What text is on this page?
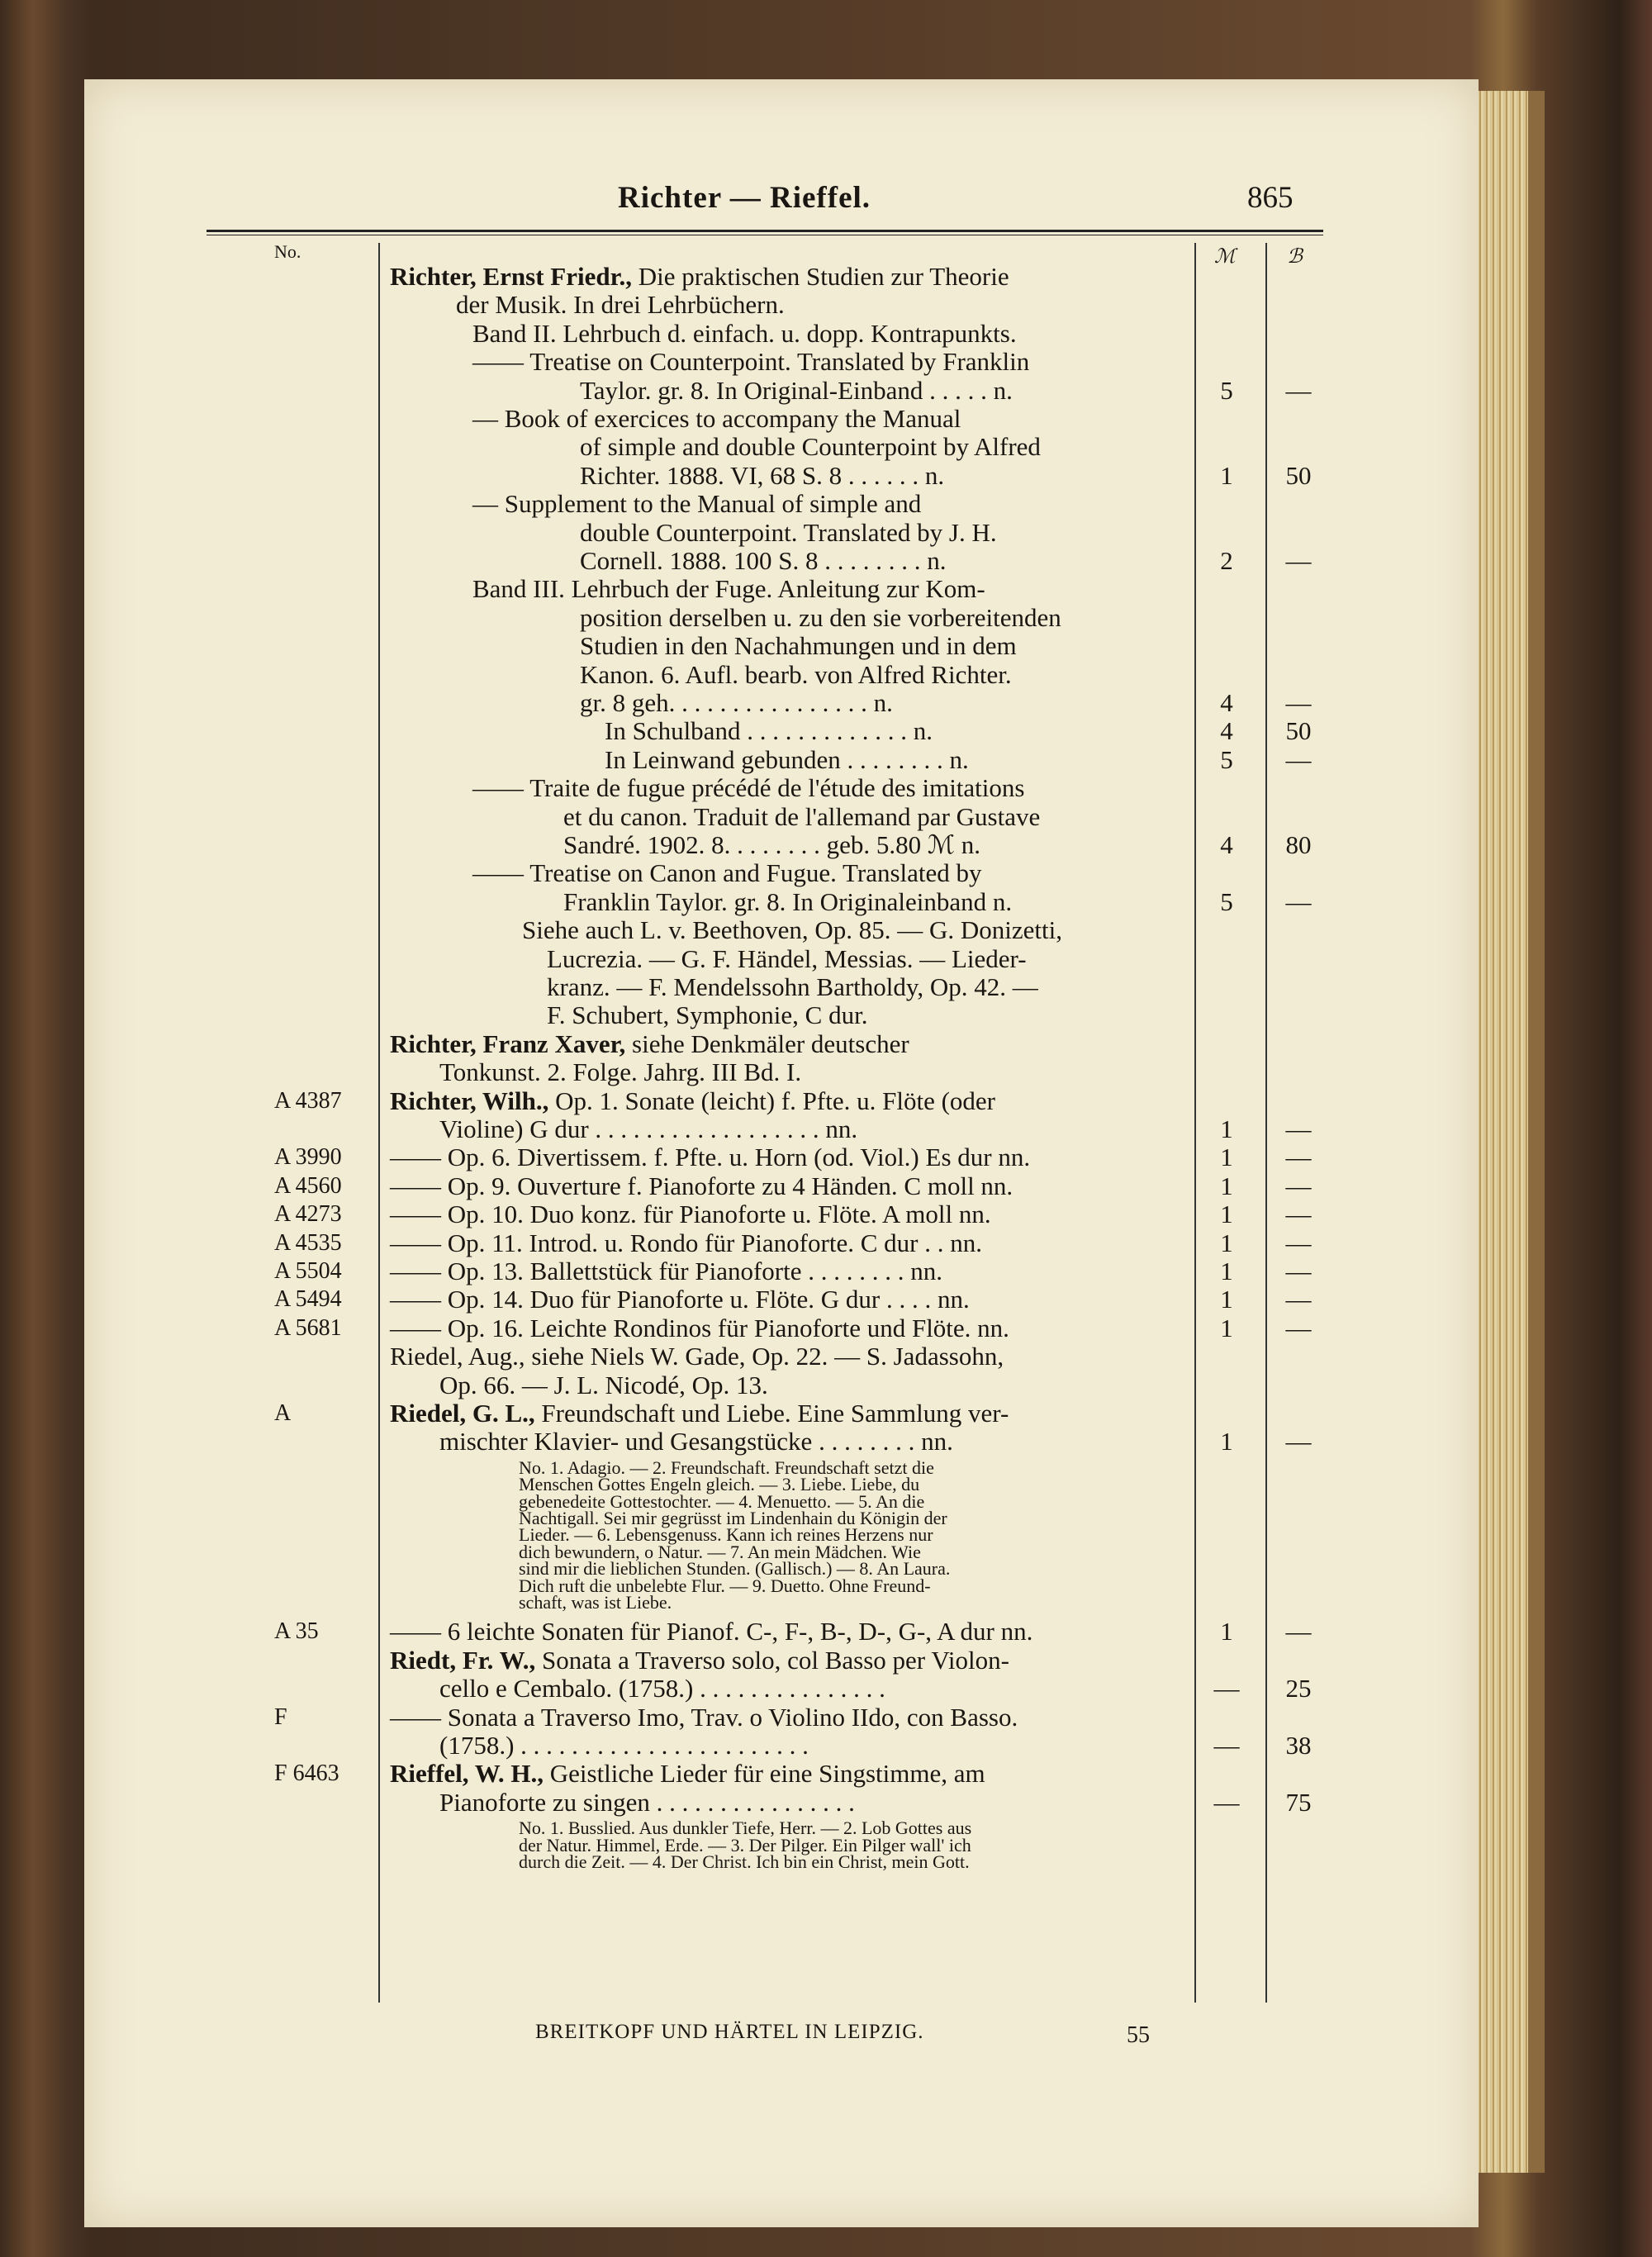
Richter — Rieffel.	865
No.	ℳ	ℬ
Richter, Ernst Friedr., Die praktischen Studien zur Theorie
der Musik. In drei Lehrbüchern.
Band II. Lehrbuch d. einfach. u. dopp. Kontrapunkts.
—— Treatise on Counterpoint. Translated by Franklin
Taylor. gr. 8. In Original-Einband . . . . . n.	5 —
— Book of exercices to accompany the Manual
of simple and double Counterpoint by Alfred
Richter. 1888. VI, 68 S. 8 . . . . . . n.	1 50
— Supplement to the Manual of simple and
double Counterpoint. Translated by J. H.
Cornell. 1888. 100 S. 8 . . . . . . . . n.	2 —
Band III. Lehrbuch der Fuge. Anleitung zur Kom-
position derselben u. zu den sie vorbereitenden
Studien in den Nachahmungen und in dem
Kanon. 6. Aufl. bearb. von Alfred Richter.
gr. 8 geh. . . . . . . . . . . . . . . . n.	4 —
In Schulband . . . . . . . . . . . . . n.	4 50
In Leinwand gebunden . . . . . . . . n.	5 —
—— Traite de fugue précédé de l'étude des imitations
et du canon. Traduit de l'allemand par Gustave
Sandré. 1902. 8. . . . . . . . geb. 5.80 ℳ n.	4 80
—— Treatise on Canon and Fugue. Translated by
Franklin Taylor. gr. 8. In Originaleinband n.	5 —
Siehe auch L. v. Beethoven, Op. 85. — G. Donizetti,
Lucrezia. — G. F. Händel, Messias. — Lieder-
kranz. — F. Mendelssohn Bartholdy, Op. 42. —
F. Schubert, Symphonie, C dur.
Richter, Franz Xaver, siehe Denkmäler deutscher
Tonkunst. 2. Folge. Jahrg. III Bd. I.
A 4387 Richter, Wilh., Op. 1. Sonate (leicht) f. Pfte. u. Flöte (oder
Violine) G dur . . . . . . . . . . . . . . . . . . nn.	1 —
A 3990 —— Op. 6. Divertissem. f. Pfte. u. Horn (od. Viol.) Es dur nn.	1 —
A 4560 —— Op. 9. Ouverture f. Pianoforte zu 4 Händen. C moll nn.	1 —
A 4273 —— Op. 10. Duo konz. für Pianoforte u. Flöte. A moll nn.	1 —
A 4535 —— Op. 11. Introd. u. Rondo für Pianoforte. C dur . . nn.	1 —
A 5504 —— Op. 13. Ballettstück für Pianoforte . . . . . . . . nn.	1 —
A 5494 —— Op. 14. Duo für Pianoforte u. Flöte. G dur . . . . nn.	1 —
A 5681 —— Op. 16. Leichte Rondinos für Pianoforte und Flöte. nn.	1 —
Riedel, Aug., siehe Niels W. Gade, Op. 22. — S. Jadassohn,
Op. 66. — J. L. Nicodé, Op. 13.
A	Riedel, G. L., Freundschaft und Liebe. Eine Sammlung ver-
mischter Klavier- und Gesangstücke . . . . . . . . nn.	1 —
No. 1. Adagio. — 2. Freundschaft. Freundschaft setzt die
Menschen Gottes Engeln gleich. — 3. Liebe. Liebe, du
gebenedeite Gottestochter. — 4. Menuetto. — 5. An die
Nachtigall. Sei mir gegrüsst im Lindenhain du Königin der
Lieder. — 6. Lebensgenuss. Kann ich reines Herzens nur
dich bewundern, o Natur. — 7. An mein Mädchen. Wie
sind mir die lieblichen Stunden. (Gallisch.) — 8. An Laura.
Dich ruft die unbelebte Flur. — 9. Duetto. Ohne Freund-
schaft, was ist Liebe.
A 35	—— 6 leichte Sonaten für Pianof. C-, F-, B-, D-, G-, A dur nn.	1 —
Riedt, Fr. W., Sonata a Traverso solo, col Basso per Violon-
cello e Cembalo. (1758.) . . . . . . . . . . . . . . .	— 25
F	—— Sonata a Traverso Imo, Trav. o Violino IIdo, con Basso.
(1758.) . . . . . . . . . . . . . . . . . . . . . . .	— 38
F 6463 Rieffel, W. H., Geistliche Lieder für eine Singstimme, am
Pianoforte zu singen . . . . . . . . . . . . . . . .	— 75
No. 1. Busslied. Aus dunkler Tiefe, Herr. — 2. Lob Gottes aus
der Natur. Himmel, Erde. — 3. Der Pilger. Ein Pilger wall' ich
durch die Zeit. — 4. Der Christ. Ich bin ein Christ, mein Gott.
BREITKOPF UND HÄRTEL IN LEIPZIG.	55
